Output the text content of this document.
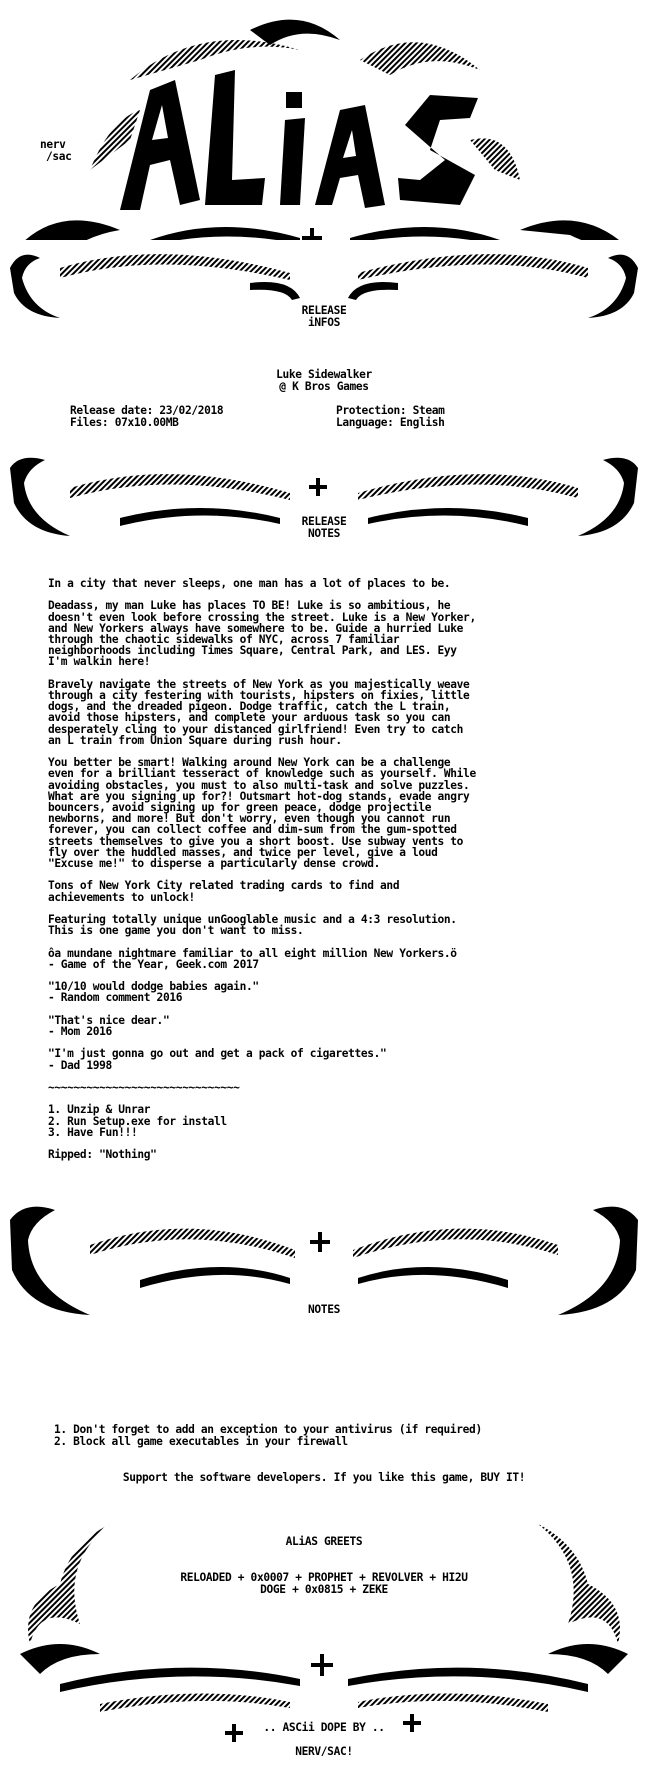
nerv
/sac
RELEASE
iNFOS
Luke Sidewalker
@ K Bros Games
Release date: 23/02/2018	Protection: Steam
Files: 07x10.00MB	Language: English
RELEASE
NOTES
In a city that never sleeps, one man has a lot of places to be.
Deadass, my man Luke has places TO BE! Luke is so ambitious, he
doesn't even look before crossing the street. Luke is a New Yorker,
and New Yorkers always have somewhere to be. Guide a hurried Luke
through the chaotic sidewalks of NYC, across 7 familiar
neighborhoods including Times Square, Central Park, and LES. Eyy
I'm walkin here!
Bravely navigate the streets of New York as you majestically weave
through a city festering with tourists, hipsters on fixies, little
dogs, and the dreaded pigeon. Dodge traffic, catch the L train,
avoid those hipsters, and complete your arduous task so you can
desperately cling to your distanced girlfriend! Even try to catch
an L train from Union Square during rush hour.
You better be smart! Walking around New York can be a challenge
even for a brilliant tesseract of knowledge such as yourself. While
avoiding obstacles, you must to also multi-task and solve puzzles.
What are you signing up for?! Outsmart hot-dog stands, evade angry
bouncers, avoid signing up for green peace, dodge projectile
newborns, and more! But don't worry, even though you cannot run
forever, you can collect coffee and dim-sum from the gum-spotted
streets themselves to give you a short boost. Use subway vents to
fly over the huddled masses, and twice per level, give a loud
"Excuse me!" to disperse a particularly dense crowd.
Tons of New York City related trading cards to find and
achievements to unlock!
Featuring totally unique unGooglable music and a 4:3 resolution.
This is one game you don't want to miss.
ôa mundane nightmare familiar to all eight million New Yorkers.ö
- Game of the Year, Geek.com 2017
"10/10 would dodge babies again."
- Random comment 2016
"That's nice dear."
- Mom 2016
"I'm just gonna go out and get a pack of cigarettes."
- Dad 1998
~~~~~~~~~~~~~~~~~~~~~~~~~~~~~~
1. Unzip & Unrar
2. Run Setup.exe for install
3. Have Fun!!!
Ripped: "Nothing"
NOTES
1. Don't forget to add an exception to your antivirus (if required)
2. Block all game executables in your firewall
Support the software developers. If you like this game, BUY IT!
ALiAS GREETS
RELOADED + 0x0007 + PROPHET + REVOLVER + HI2U
DOGE + 0x0815 + ZEKE
.. ASCii DOPE BY ..
NERV/SAC!
